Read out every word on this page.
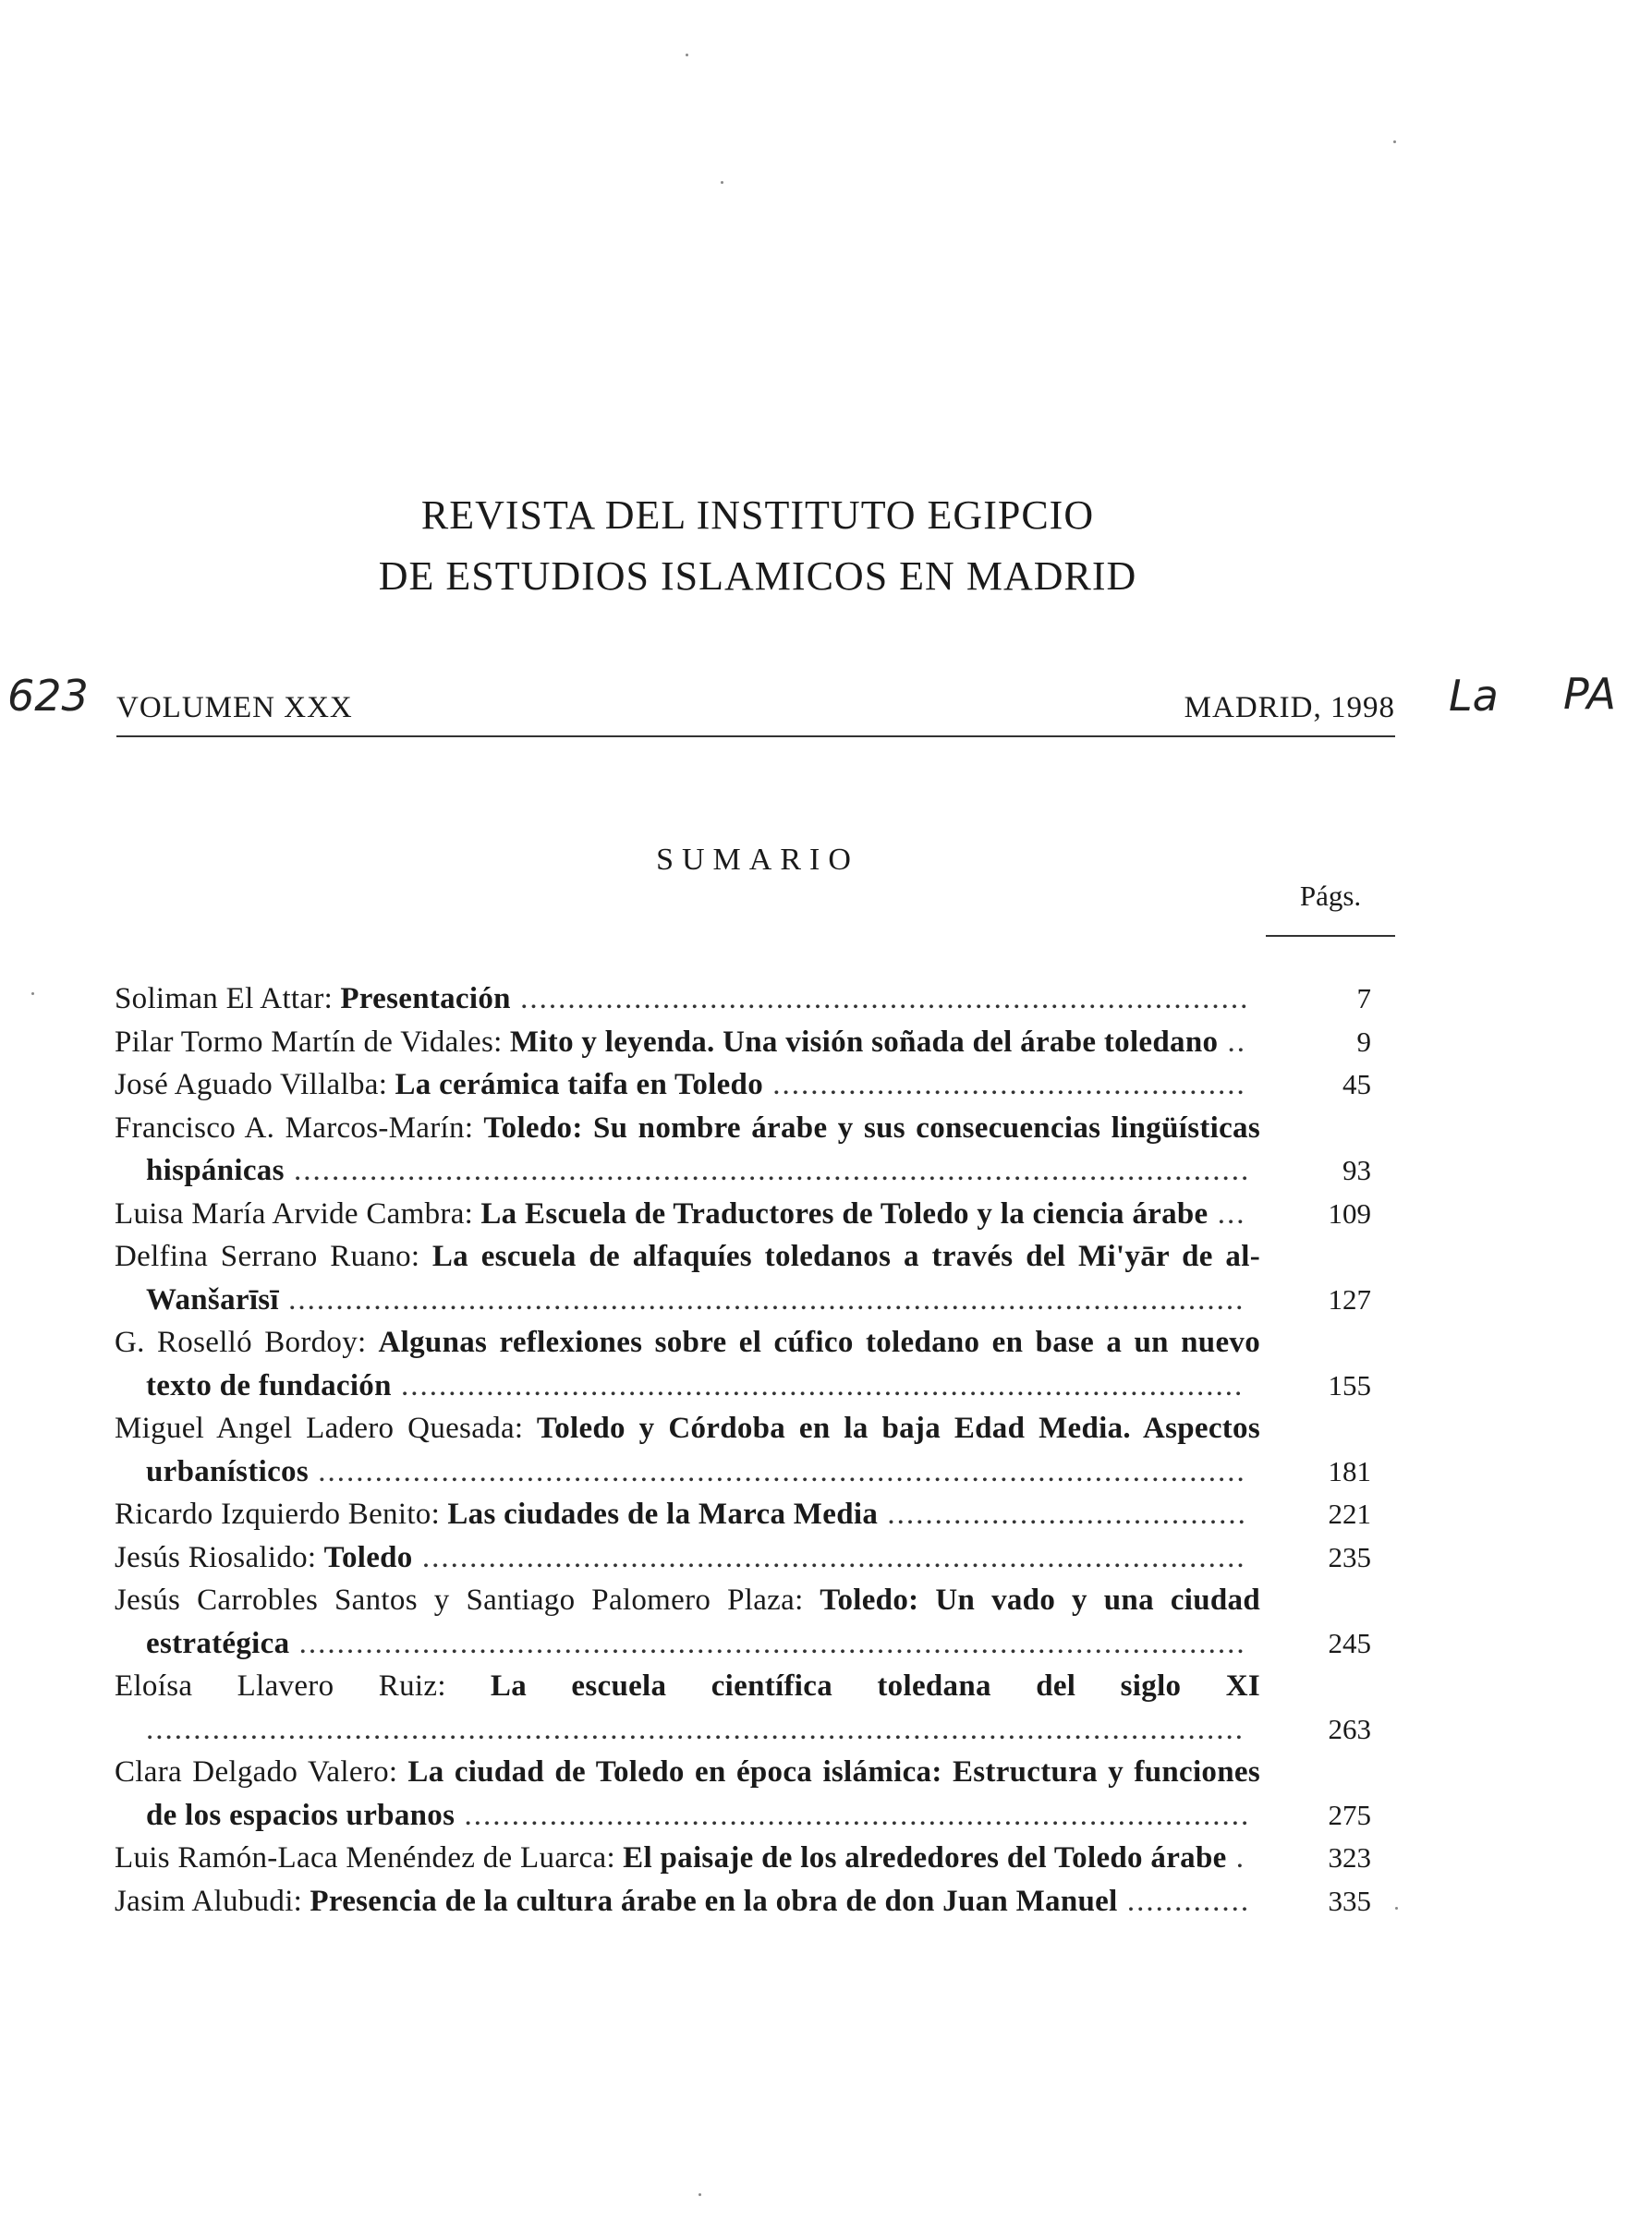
REVISTA DEL INSTITUTO EGIPCIO
DE ESTUDIOS ISLAMICOS EN MADRID
623	La PA
VOLUMEN XXX	MADRID, 1998
SUMARIO
Págs.
Soliman El Attar: Presentación .............................................................................	7
Pilar Tormo Martín de Vidales: Mito y leyenda. Una visión soñada del árabe toledano ..	9
José Aguado Villalba: La cerámica taifa en Toledo ..................................................	45
Francisco A. Marcos-Marín: Toledo: Su nombre árabe y sus consecuencias lingüísticas hispánicas .....................................................................................................	93
Luisa María Arvide Cambra: La Escuela de Traductores de Toledo y la ciencia árabe ...	109
Delfina Serrano Ruano: La escuela de alfaquíes toledanos a través del Mi'yār de al-Wanšarīsī .....................................................................................................	127
G. Roselló Bordoy: Algunas reflexiones sobre el cúfico toledano en base a un nuevo texto de fundación .........................................................................................	155
Miguel Angel Ladero Quesada: Toledo y Córdoba en la baja Edad Media. Aspectos urbanísticos ..................................................................................................	181
Ricardo Izquierdo Benito: Las ciudades de la Marca Media ......................................	221
Jesús Riosalido: Toledo .......................................................................................	235
Jesús Carrobles Santos y Santiago Palomero Plaza: Toledo: Un vado y una ciudad estratégica ....................................................................................................	245
Eloísa Llavero Ruiz: La escuela científica toledana del siglo XI ....................................................................................................................	263
Clara Delgado Valero: La ciudad de Toledo en época islámica: Estructura y funciones de los espacios urbanos ...................................................................................	275
Luis Ramón-Laca Menéndez de Luarca: El paisaje de los alrededores del Toledo árabe .	323
Jasim Alubudi: Presencia de la cultura árabe en la obra de don Juan Manuel .............	335
